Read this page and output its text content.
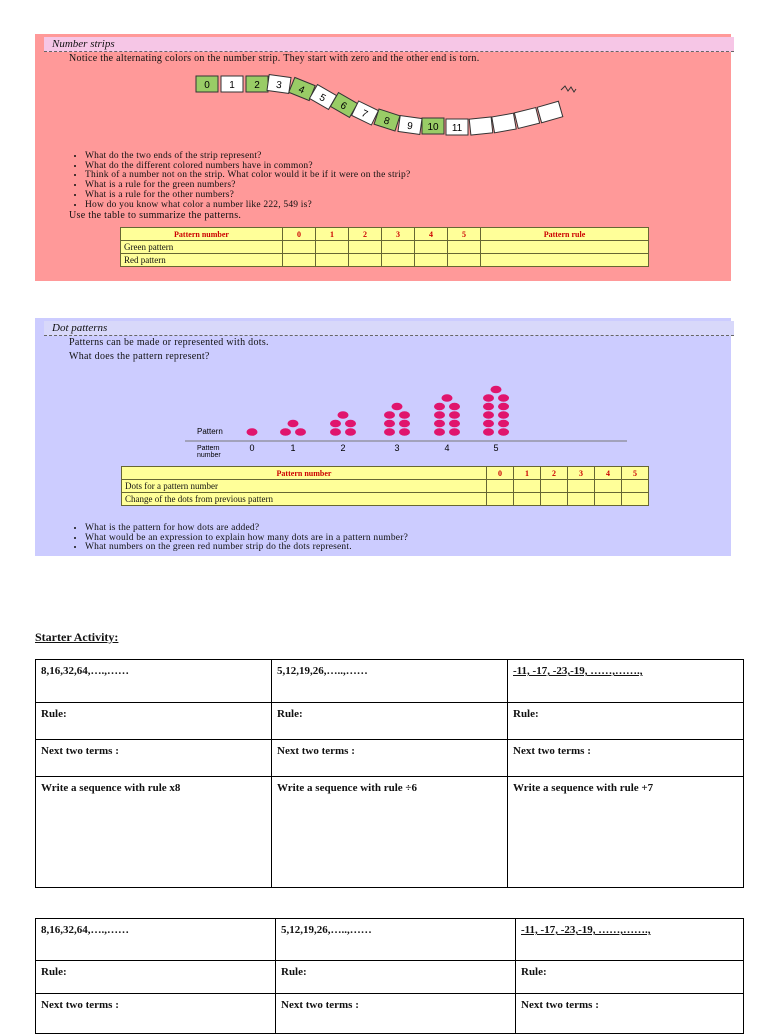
Number strips
Notice the alternating colors on the number strip. They start with zero and the other end is torn.
0 1 2 3 4
5
6
7
8 9 10 11
• What do the two ends of the strip represent?
• What do the different colored numbers have in common?
• Think of a number not on the strip. What color would it be if it were on the strip?
• What is a rule for the green numbers?
• What is a rule for the other numbers?
• How do you know what color a number like 222, 549 is?
Use the table to summarize the patterns.
Pattern number	0	1	2	3	4	5	Pattern rule
Green pattern							
Red pattern							
Dot patterns
Patterns can be made or represented with dots.
What does the pattern represent?
Pattern
Pattern
number
0	1	2	3	4	5
Pattern number	0	1	2	3	4	5
Dots for a pattern number						
Change of the dots from previous pattern						
• What is the pattern for how dots are added?
• What would be an expression to explain how many dots are in a pattern number?
• What numbers on the green red number strip do the dots represent.
Starter Activity:
8,16,32,64,….,……	5,12,19,26,…..,……	-11, -17, -23,-19, ……,…….,
Rule:	Rule:	Rule:
Next two terms :	Next two terms :	Next two terms :
Write a sequence with rule x8	Write a sequence with rule ÷6	Write a sequence with rule +7
8,16,32,64,….,……	5,12,19,26,…..,……	-11, -17, -23,-19, ……,…….,
Rule:	Rule:	Rule:
Next two terms :	Next two terms :	Next two terms :
